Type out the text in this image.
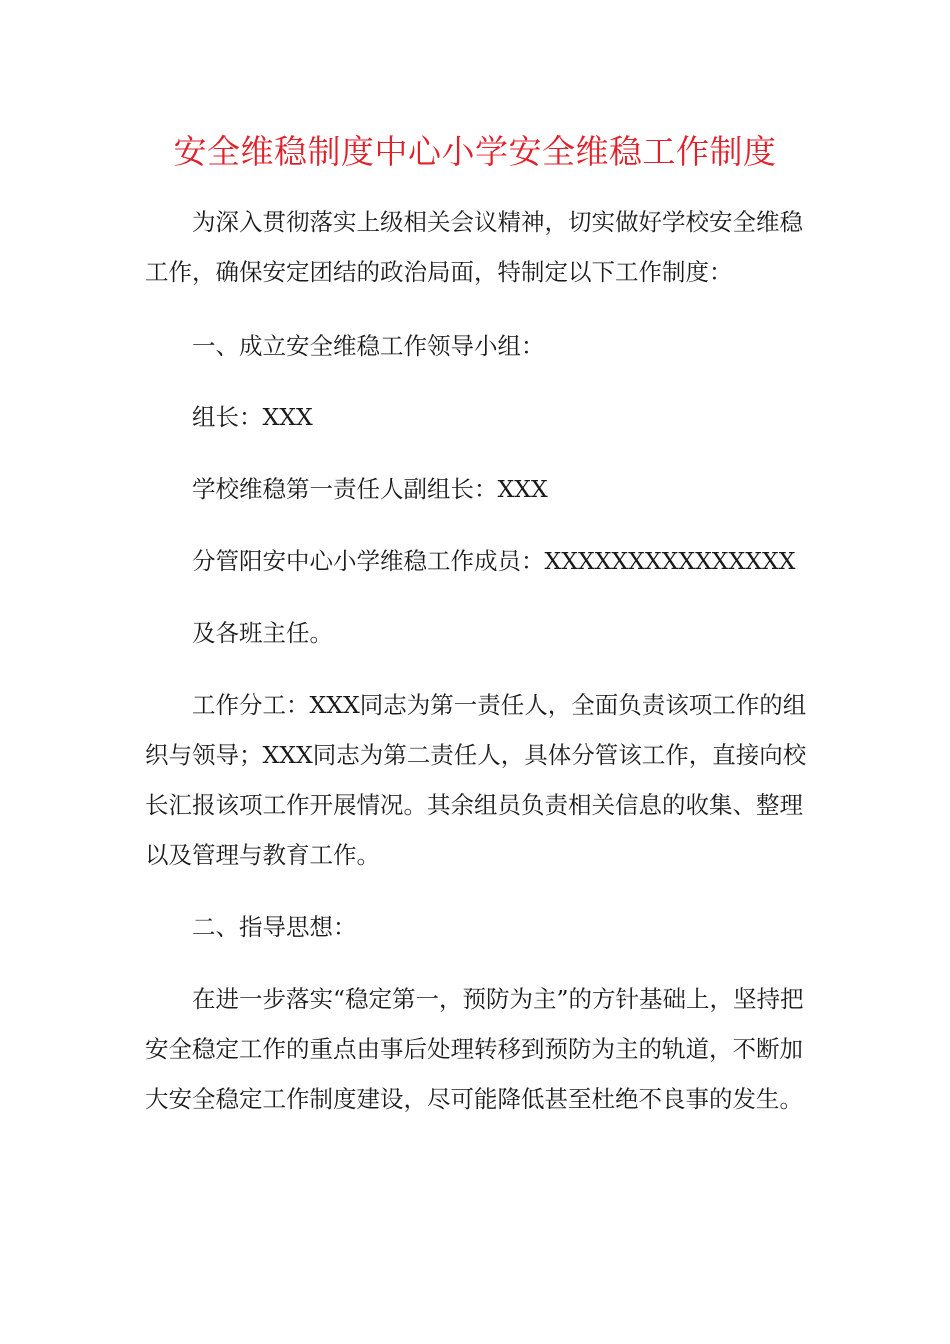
安全维稳制度中心小学安全维稳工作制度

为深入贯彻落实上级相关会议精神，切实做好学校安全维稳工作，确保安定团结的政治局面，特制定以下工作制度：

一、成立安全维稳工作领导小组：

组长：XXX

学校维稳第一责任人副组长：XXX

分管阳安中心小学维稳工作成员：XXXXXXXXXXXXXXX

及各班主任。

工作分工：XXX同志为第一责任人，全面负责该项工作的组织与领导；XXX同志为第二责任人，具体分管该工作，直接向校长汇报该项工作开展情况。其余组员负责相关信息的收集、整理以及管理与教育工作。

二、指导思想：

在进一步落实“稳定第一，预防为主”的方针基础上，坚持把安全稳定工作的重点由事后处理转移到预防为主的轨道，不断加大安全稳定工作制度建设，尽可能降低甚至杜绝不良事的发生。
